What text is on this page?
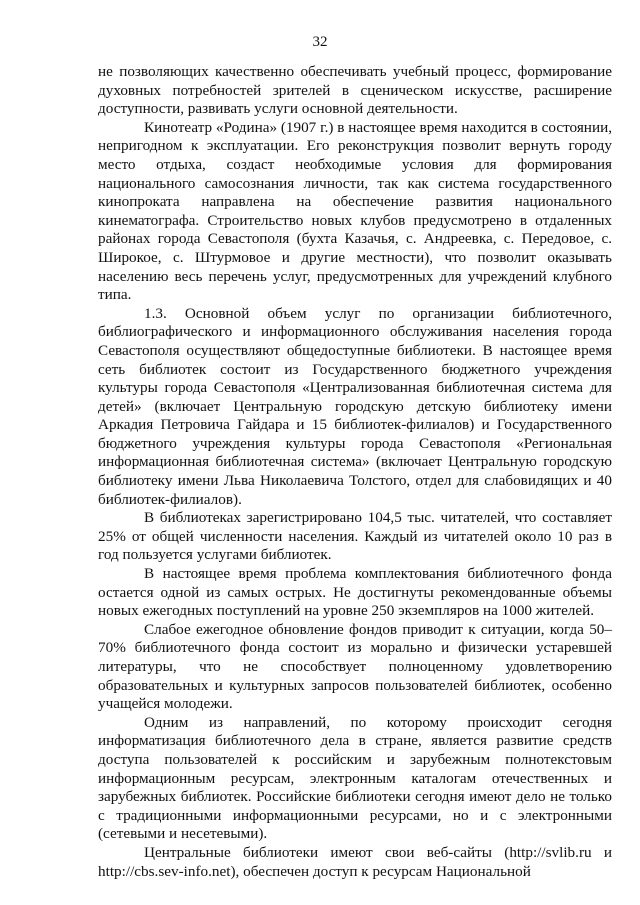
32

не позволяющих качественно обеспечивать учебный процесс, формирование духовных потребностей зрителей в сценическом искусстве, расширение доступности, развивать услуги основной деятельности.

Кинотеатр «Родина» (1907 г.) в настоящее время находится в состоянии, непригодном к эксплуатации. Его реконструкция позволит вернуть городу место отдыха, создаст необходимые условия для формирования национального самосознания личности, так как система государственного кинопроката направлена на обеспечение развития национального кинематографа. Строительство новых клубов предусмотрено в отдаленных районах города Севастополя (бухта Казачья, с. Андреевка, с. Передовое, с. Широкое, с. Штурмовое и другие местности), что позволит оказывать населению весь перечень услуг, предусмотренных для учреждений клубного типа.

1.3. Основной объем услуг по организации библиотечного, библиографического и информационного обслуживания населения города Севастополя осуществляют общедоступные библиотеки. В настоящее время сеть библиотек состоит из Государственного бюджетного учреждения культуры города Севастополя «Централизованная библиотечная система для детей» (включает Центральную городскую детскую библиотеку имени Аркадия Петровича Гайдара и 15 библиотек-филиалов) и Государственного бюджетного учреждения культуры города Севастополя «Региональная информационная библиотечная система» (включает Центральную городскую библиотеку имени Льва Николаевича Толстого, отдел для слабовидящих и 40 библиотек-филиалов).

В библиотеках зарегистрировано 104,5 тыс. читателей, что составляет 25% от общей численности населения. Каждый из читателей около 10 раз в год пользуется услугами библиотек.

В настоящее время проблема комплектования библиотечного фонда остается одной из самых острых. Не достигнуты рекомендованные объемы новых ежегодных поступлений на уровне 250 экземпляров на 1000 жителей.

Слабое ежегодное обновление фондов приводит к ситуации, когда 50–70% библиотечного фонда состоит из морально и физически устаревшей литературы, что не способствует полноценному удовлетворению образовательных и культурных запросов пользователей библиотек, особенно учащейся молодежи.

Одним из направлений, по которому происходит сегодня информатизация библиотечного дела в стране, является развитие средств доступа пользователей к российским и зарубежным полнотекстовым информационным ресурсам, электронным каталогам отечественных и зарубежных библиотек. Российские библиотеки сегодня имеют дело не только с традиционными информационными ресурсами, но и с электронными (сетевыми и несетевыми).

Центральные библиотеки имеют свои веб-сайты (http://svlib.ru и http://cbs.sev-info.net), обеспечен доступ к ресурсам Национальной
